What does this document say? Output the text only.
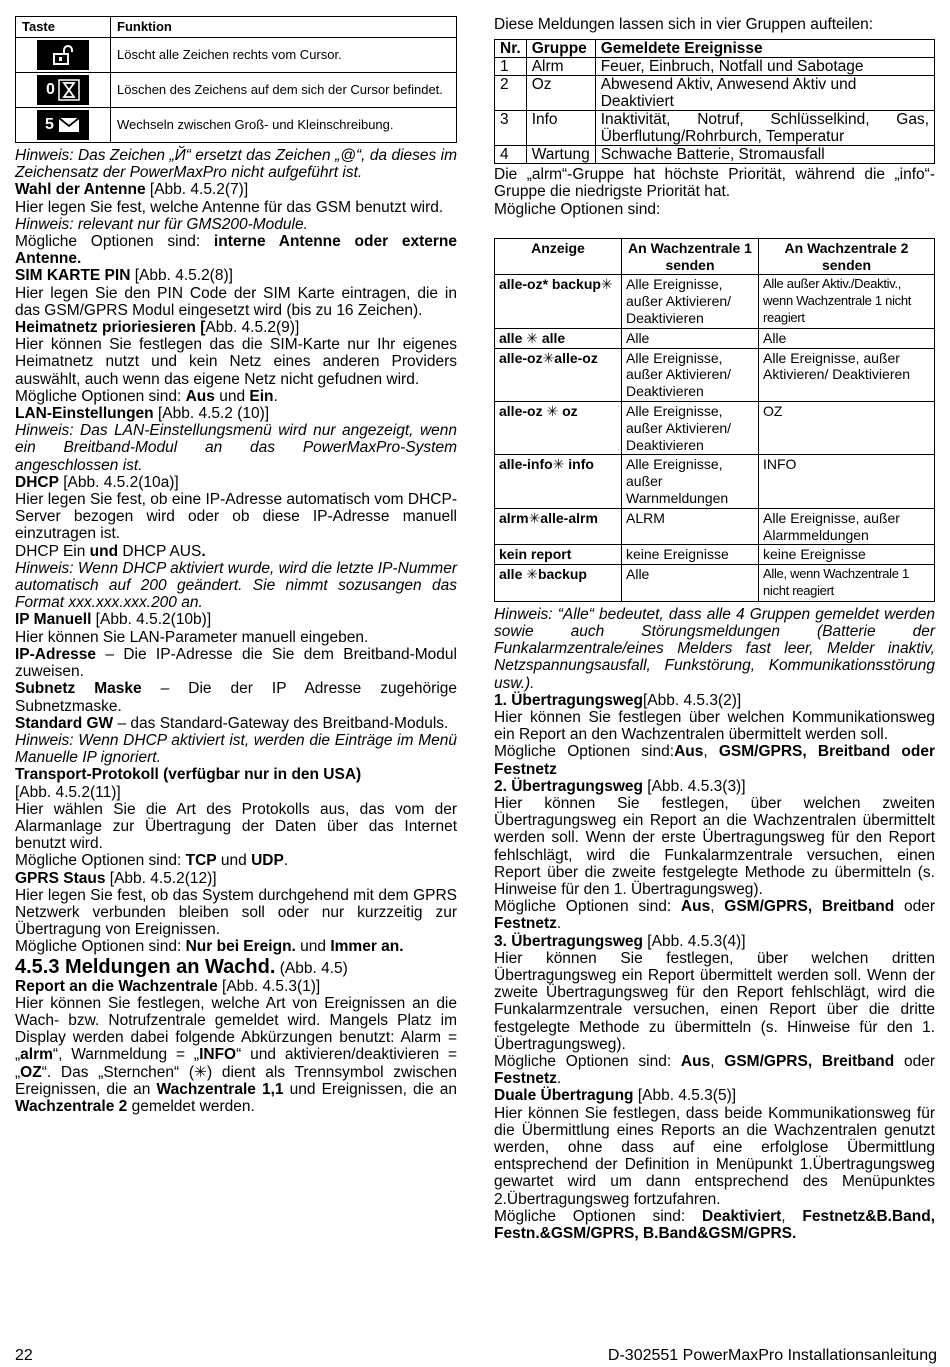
Taste	Funktion

	Löscht alle Zeichen rechts vom Cursor.

0	Löschen des Zeichens auf dem sich der Cursor befindet.

5	Wechseln zwischen Groß- und Kleinschreibung.

Hinweis: Das Zeichen „Й“ ersetzt das Zeichen „@“, da dieses im Zeichensatz der PowerMaxPro nicht aufgeführt ist.

Wahl der Antenne [Abb. 4.5.2(7)]

Hier legen Sie fest, welche Antenne für das GSM benutzt wird.

Hinweis: relevant nur für GMS200-Module.

Mögliche Optionen sind: interne Antenne oder externe Antenne.

SIM KARTE PIN [Abb. 4.5.2(8)]

Hier legen Sie den PIN Code der SIM Karte eintragen, die in das GSM/GPRS Modul eingesetzt wird (bis zu 16 Zeichen).

Heimatnetz prioriesieren [Abb. 4.5.2(9)]

Hier können Sie festlegen das die SIM-Karte nur Ihr eigenes Heimatnetz nutzt und kein Netz eines anderen Providers auswählt, auch wenn das eigene Netz nicht gefudnen wird.

Mögliche Optionen sind: Aus und Ein.

LAN-Einstellungen [Abb. 4.5.2 (10)]

Hinweis: Das LAN-Einstellungsmenü wird nur angezeigt, wenn ein Breitband-Modul an das PowerMaxPro-System angeschlossen ist.

DHCP [Abb. 4.5.2(10a)]

Hier legen Sie fest, ob eine IP-Adresse automatisch vom DHCP-Server bezogen wird oder ob diese IP-Adresse manuell einzutragen ist.

DHCP Ein und DHCP AUS.

Hinweis: Wenn DHCP aktiviert wurde, wird die letzte IP-Nummer automatisch auf 200 geändert. Sie nimmt sozusangen das Format xxx.xxx.xxx.200 an.

IP Manuell [Abb. 4.5.2(10b)]

Hier können Sie LAN-Parameter manuell eingeben.

IP-Adresse – Die IP-Adresse die Sie dem Breitband-Modul zuweisen.

Subnetz Maske – Die der IP Adresse zugehörige Subnetzmaske.

Standard GW – das Standard-Gateway des Breitband-Moduls.

Hinweis: Wenn DHCP aktiviert ist, werden die Einträge im Menü Manuelle IP ignoriert.

Transport-Protokoll (verfügbar nur in den USA)

[Abb. 4.5.2(11)]

Hier wählen Sie die Art des Protokolls aus, das vom der Alarmanlage zur Übertragung der Daten über das Internet benutzt wird.

Mögliche Optionen sind: TCP und UDP.

GPRS Staus [Abb. 4.5.2(12)]

Hier legen Sie fest, ob das System durchgehend mit dem GPRS Netzwerk verbunden bleiben soll oder nur kurzzeitig zur Übertragung von Ereignissen.

Mögliche Optionen sind: Nur bei Ereign. und Immer an.

4.5.3 Meldungen an Wachd. (Abb. 4.5)

Report an die Wachzentrale [Abb. 4.5.3(1)]

Hier können Sie festlegen, welche Art von Ereignissen an die Wach- bzw. Notrufzentrale gemeldet wird. Mangels Platz im Display werden dabei folgende Abkürzungen benutzt: Alarm = „alrm“, Warnmeldung = „INFO“ und aktivieren/deaktivieren = „OZ“. Das „Sternchen“ (✳) dient als Trennsymbol zwischen Ereignissen, die an Wachzentrale 1,1 und Ereignissen, die an Wachzentrale 2 gemeldet werden.

Diese Meldungen lassen sich in vier Gruppen aufteilen:

Nr.	Gruppe	Gemeldete Ereignisse
1	Alrm	Feuer, Einbruch, Notfall und Sabotage
2	Oz	Abwesend Aktiv, Anwesend Aktiv und Deaktiviert
3	Info	Inaktivität, Notruf, Schlüsselkind, Gas, Überflutung/Rohrburch, Temperatur
4	Wartung	Schwache Batterie, Stromausfall

Die „alrm“-Gruppe hat höchste Priorität, während die „info“-Gruppe die niedrigste Priorität hat.

Mögliche Optionen sind:

Anzeige	An Wachzentrale 1 senden	An Wachzentrale 2 senden
alle-oz* backup✳	Alle Ereignisse, außer Aktivieren/ Deaktivieren	Alle außer Aktiv./Deaktiv., wenn Wachzentrale 1 nicht reagiert
alle ✳ alle	Alle	Alle
alle-oz✳alle-oz	Alle Ereignisse, außer Aktivieren/ Deaktivieren	Alle Ereignisse, außer Aktivieren/ Deaktivieren
alle-oz ✳ oz	Alle Ereignisse, außer Aktivieren/ Deaktivieren	OZ
alle-info✳ info	Alle Ereignisse, außer Warnmeldungen	INFO
alrm✳alle-alrm	ALRM	Alle Ereignisse, außer Alarmmeldungen
kein report	keine Ereignisse	keine Ereignisse
alle ✳backup	Alle	Alle, wenn Wachzentrale 1 nicht reagiert

Hinweis: “Alle“ bedeutet, dass alle 4 Gruppen gemeldet werden sowie auch Störungsmeldungen (Batterie der Funkalarmzentrale/eines Melders fast leer, Melder inaktiv, Netzspannungsausfall, Funkstörung, Kommunikationsstörung usw.).

1. Übertragungsweg[Abb. 4.5.3(2)]

Hier können Sie festlegen über welchen Kommunikationsweg ein Report an den Wachzentralen übermittelt werden soll.

Mögliche Optionen sind:Aus, GSM/GPRS, Breitband oder Festnetz

2. Übertragungsweg [Abb. 4.5.3(3)]

Hier können Sie festlegen, über welchen zweiten Übertragungsweg ein Report an die Wachzentralen übermittelt werden soll. Wenn der erste Übertragungsweg für den Report fehlschlägt, wird die Funkalarmzentrale versuchen, einen Report über die zweite festgelegte Methode zu übermitteln (s. Hinweise für den 1. Übertragungsweg).

Mögliche Optionen sind: Aus, GSM/GPRS, Breitband oder Festnetz.

3. Übertragungsweg [Abb. 4.5.3(4)]

Hier können Sie festlegen, über welchen dritten Übertragungsweg ein Report übermittelt werden soll. Wenn der zweite Übertragungsweg für den Report fehlschlägt, wird die Funkalarmzentrale versuchen, einen Report über die dritte festgelegte Methode zu übermitteln (s. Hinweise für den 1. Übertragungsweg).

Mögliche Optionen sind: Aus, GSM/GPRS, Breitband oder Festnetz.

Duale Übertragung [Abb. 4.5.3(5)]

Hier können Sie festlegen, dass beide Kommunikationsweg für die Übermittlung eines Reports an die Wachzentralen genutzt werden, ohne dass auf eine erfolglose Übermittlung entsprechend der Definition in Menüpunkt 1.Übertragungsweg gewartet wird um dann entsprechend des Menüpunktes 2.Übertragungsweg fortzufahren.

Mögliche Optionen sind: Deaktiviert, Festnetz&B.Band, Festn.&GSM/GPRS, B.Band&GSM/GPRS.

22	D-302551 PowerMaxPro Installationsanleitung
